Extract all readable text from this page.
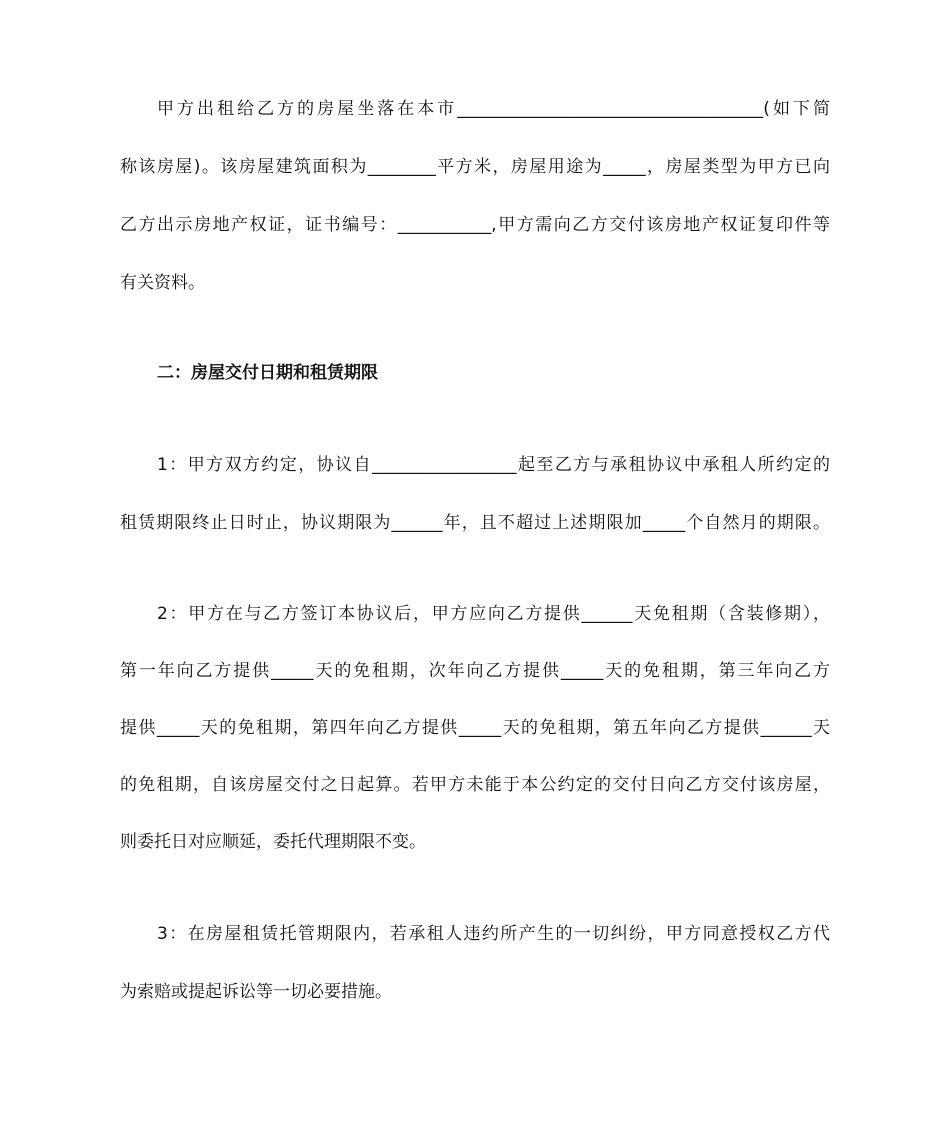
甲方出租给乙方的房屋坐落在本市____________________________________(如下简
称该房屋)。该房屋建筑面积为________平方米，房屋用途为_____，房屋类型为甲方已向
乙方出示房地产权证，证书编号：___________,甲方需向乙方交付该房地产权证复印件等
有关资料。
二：房屋交付日期和租赁期限
1：甲方双方约定，协议自_________________起至乙方与承租协议中承租人所约定的
租赁期限终止日时止，协议期限为______年，且不超过上述期限加_____个自然月的期限。
2：甲方在与乙方签订本协议后，甲方应向乙方提供______天免租期（含装修期），
第一年向乙方提供_____天的免租期，次年向乙方提供_____天的免租期，第三年向乙方
提供_____天的免租期，第四年向乙方提供_____天的免租期，第五年向乙方提供______天
的免租期，自该房屋交付之日起算。若甲方未能于本公约定的交付日向乙方交付该房屋，
则委托日对应顺延，委托代理期限不变。
3：在房屋租赁托管期限内，若承租人违约所产生的一切纠纷，甲方同意授权乙方代
为索赔或提起诉讼等一切必要措施。
